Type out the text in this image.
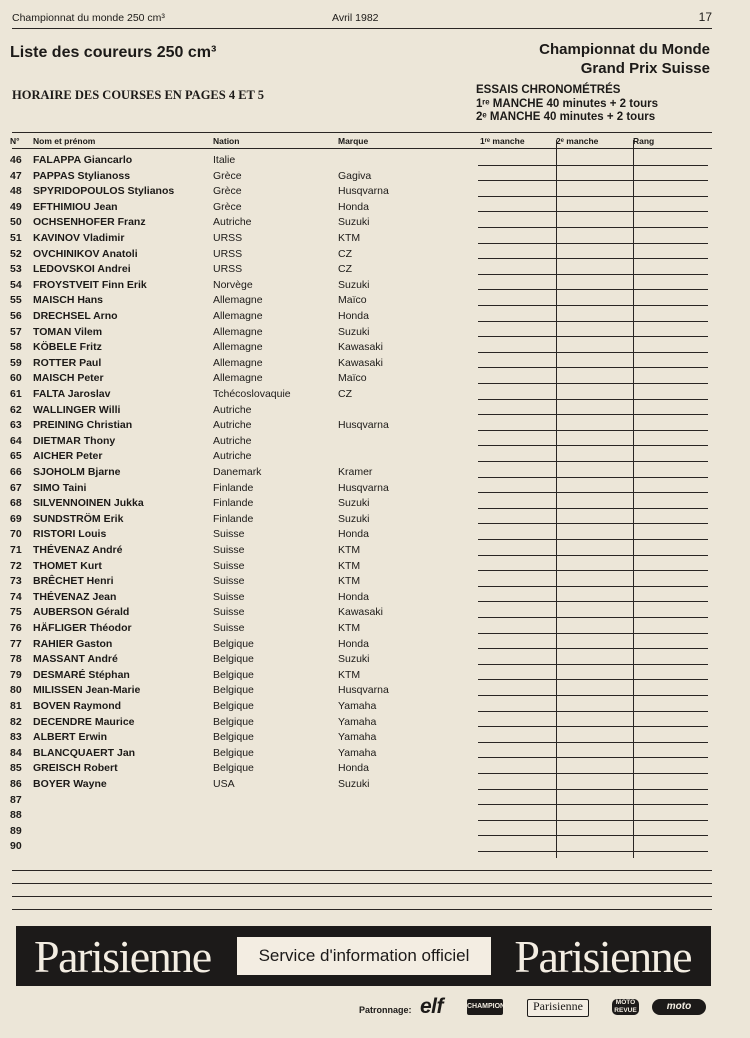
Championnat du monde 250 cm³	Avril 1982	17
Liste des coureurs 250 cm³	Championnat du Monde
Grand Prix Suisse
HORAIRE DES COURSES EN PAGES 4 ET 5	ESSAIS CHRONOMÉTRÉS
1ʳᵉ MANCHE 40 minutes + 2 tours
2ᵉ MANCHE 40 minutes + 2 tours
N° Nom et prénom	Nation	Marque	1ʳᵉ manche	2ᵉ manche	Rang
46 FALAPPA Giancarlo	Italie
47 PAPPAS Stylianoss	Grèce	Gagiva
48 SPYRIDOPOULOS Stylianos	Grèce	Husqvarna
49 EFTHIMIOU Jean	Grèce	Honda
50 OCHSENHOFER Franz	Autriche	Suzuki
51 KAVINOV Vladimir	URSS	KTM
52 OVCHINIKOV Anatoli	URSS	CZ
53 LEDOVSKOI Andrei	URSS	CZ
54 FROYSTVEIT Finn Erik	Norvège	Suzuki
55 MAISCH Hans	Allemagne	Maïco
56 DRECHSEL Arno	Allemagne	Honda
57 TOMAN Vilem	Allemagne	Suzuki
58 KÖBELE Fritz	Allemagne	Kawasaki
59 ROTTER Paul	Allemagne	Kawasaki
60 MAISCH Peter	Allemagne	Maïco
61 FALTA Jaroslav	Tchécoslovaquie	CZ
62 WALLINGER Willi	Autriche
63 PREINING Christian	Autriche	Husqvarna
64 DIETMAR Thony	Autriche
65 AICHER Peter	Autriche
66 SJOHOLM Bjarne	Danemark	Kramer
67 SIMO Taini	Finlande	Husqvarna
68 SILVENNOINEN Jukka	Finlande	Suzuki
69 SUNDSTRÖM Erik	Finlande	Suzuki
70 RISTORI Louis	Suisse	Honda
71 THÉVENAZ André	Suisse	KTM
72 THOMET Kurt	Suisse	KTM
73 BRÊCHET Henri	Suisse	KTM
74 THÉVENAZ Jean	Suisse	Honda
75 AUBERSON Gérald	Suisse	Kawasaki
76 HÄFLIGER Théodor	Suisse	KTM
77 RAHIER Gaston	Belgique	Honda
78 MASSANT André	Belgique	Suzuki
79 DESMARÉ Stéphan	Belgique	KTM
80 MILISSEN Jean-Marie	Belgique	Husqvarna
81 BOVEN Raymond	Belgique	Yamaha
82 DECENDRE Maurice	Belgique	Yamaha
83 ALBERT Erwin	Belgique	Yamaha
84 BLANCQUAERT Jan	Belgique	Yamaha
85 GREISCH Robert	Belgique	Honda
86 BOYER Wayne	USA	Suzuki
87
88
89
90
Parisienne	Service d'information officiel Parisienne
Patronnage: elf	CHAMPION	Parisienne	MOTO REVUE	moto
